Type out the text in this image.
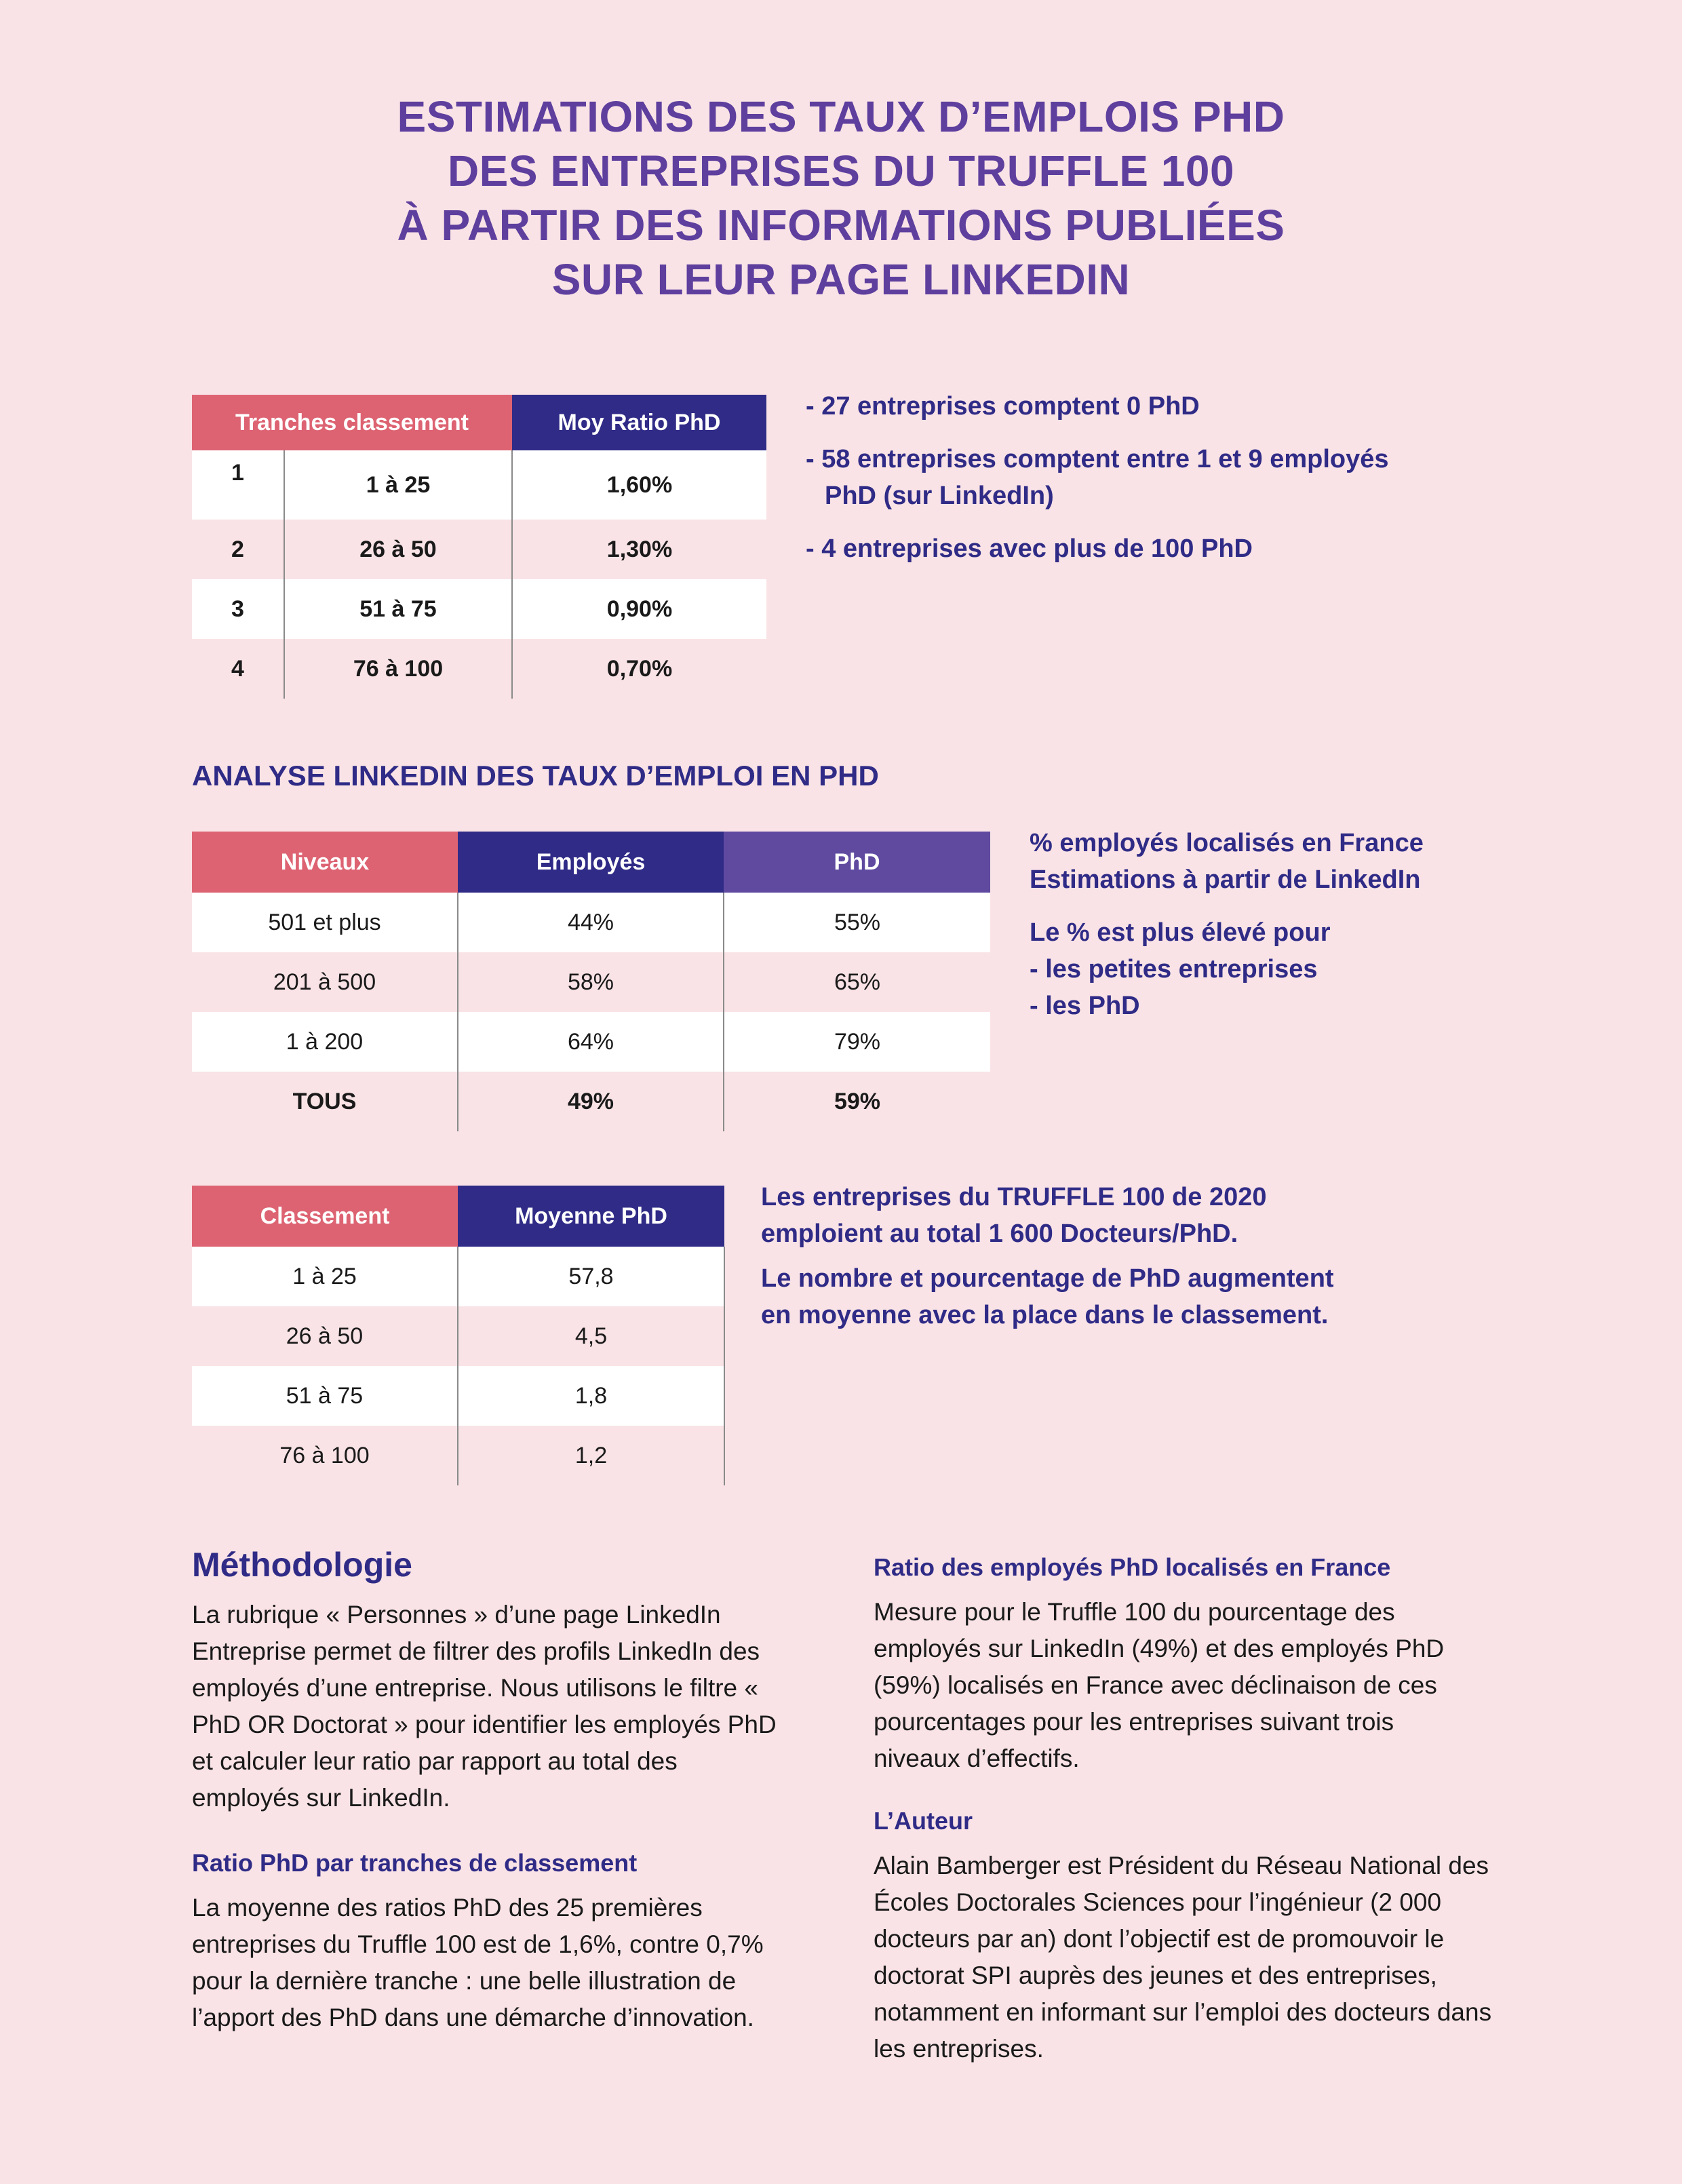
ESTIMATIONS DES TAUX D’EMPLOIS PHD
DES ENTREPRISES DU TRUFFLE 100
À PARTIR DES INFORMATIONS PUBLIÉES
SUR LEUR PAGE LINKEDIN
Tranches classement		Moy Ratio PhD
1	1 à 25	1,60%
2	26 à 50	1,30%
3	51 à 75	0,90%
4	76 à 100	0,70%

- 27 entreprises comptent 0 PhD

- 58 entreprises comptent entre 1 et 9 employés

PhD (sur LinkedIn)

- 4 entreprises avec plus de 100 PhD

ANALYSE LINKEDIN DES TAUX D’EMPLOI EN PHD
Niveaux	Employés	PhD
501 et plus	44%	55%
201 à 500	58%	65%
1 à 200	64%	79%
TOUS	49%	59%

% employés localisés en France

Estimations à partir de LinkedIn

Le % est plus élevé pour

- les petites entreprises

- les PhD

Classement	Moyenne PhD
1 à 25	57,8
26 à 50	4,5
51 à 75	1,8
76 à 100	1,2

Les entreprises du TRUFFLE 100 de 2020

emploient au total 1 600 Docteurs/PhD.

Le nombre et pourcentage de PhD augmentent

en moyenne avec la place dans le classement.

Méthodologie

La rubrique « Personnes » d’une page LinkedIn Entreprise permet de filtrer des profils LinkedIn des employés d’une entreprise. Nous utilisons le filtre « PhD OR Doctorat » pour identifier les employés PhD et calculer leur ratio par rapport au total des employés sur LinkedIn.

Ratio PhD par tranches de classement

La moyenne des ratios PhD des 25 premières entreprises du Truffle 100 est de 1,6%, contre 0,7% pour la dernière tranche : une belle illustration de l’apport des PhD dans une démarche d’innovation.

Ratio des employés PhD localisés en France

Mesure pour le Truffle 100 du pourcentage des employés sur LinkedIn (49%) et des employés PhD (59%) localisés en France avec déclinaison de ces pourcentages pour les entreprises suivant trois niveaux d’effectifs.

L’Auteur

Alain Bamberger est Président du Réseau National des Écoles Doctorales Sciences pour l’ingénieur (2 000 docteurs par an) dont l’objectif est de promouvoir le doctorat SPI auprès des jeunes et des entreprises, notamment en informant sur l’emploi des docteurs dans les entreprises.
